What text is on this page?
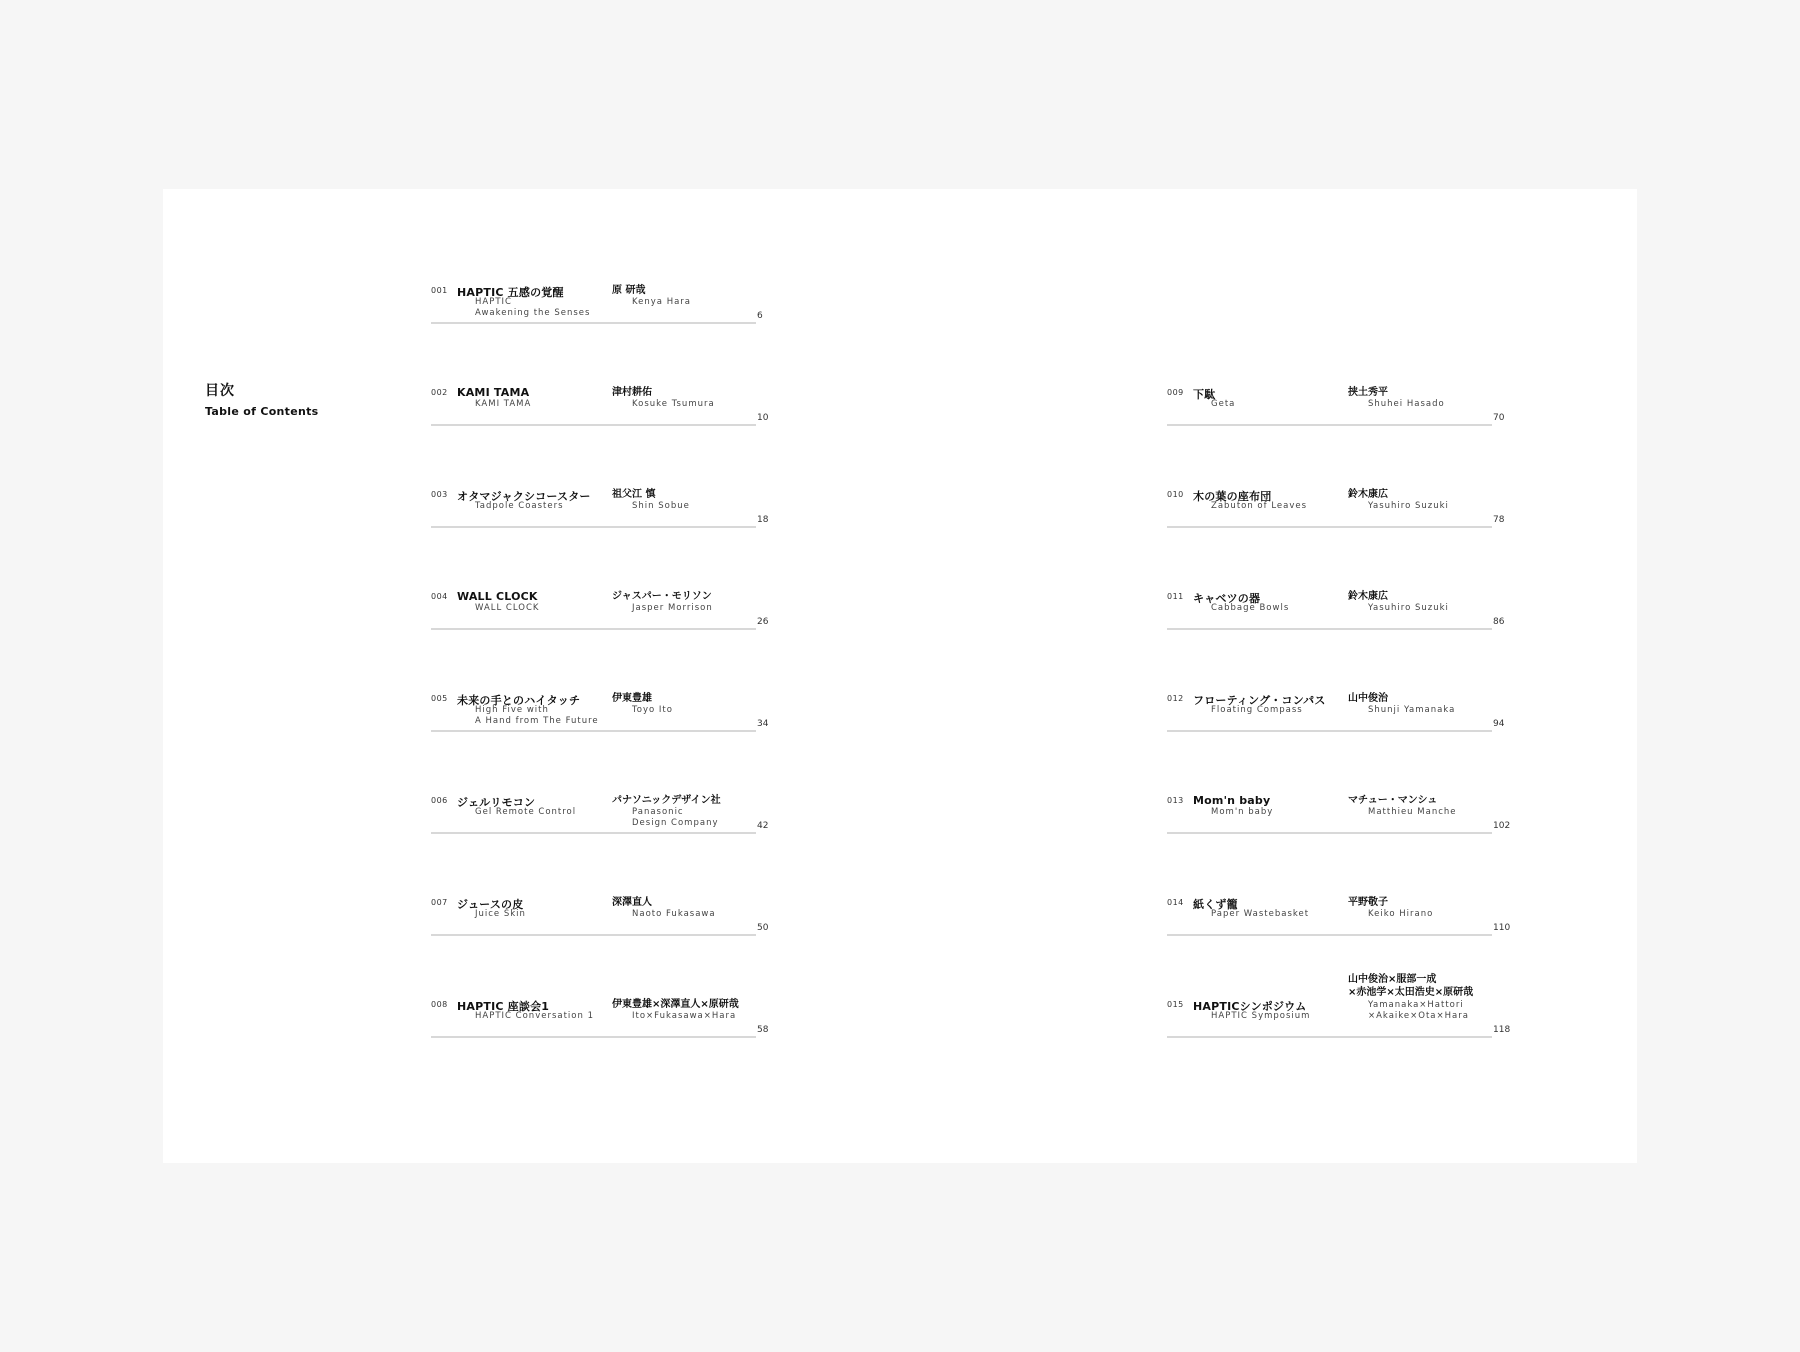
目次
Table of Contents
001 HAPTIC 五感の覚醒
HAPTIC
Awakening the Senses
原 研哉
Kenya Hara
6
002 KAMI TAMA
KAMI TAMA
津村耕佑
Kosuke Tsumura
10
003 オタマジャクシコースター
Tadpole Coasters
祖父江 慎
Shin Sobue
18
004 WALL CLOCK
WALL CLOCK
ジャスパー・モリソン
Jasper Morrison
26
005 未来の手とのハイタッチ
High Five with
A Hand from The Future
伊東豊雄
Toyo Ito
34
006 ジェルリモコン
Gel Remote Control
パナソニックデザイン社
Panasonic
Design Company	42
007 ジュースの皮
Juice Skin
深澤直人
Naoto Fukasawa
50
008 HAPTIC 座談会1
HAPTIC Conversation 1
伊東豊雄×深澤直人×原研哉
Ito×Fukasawa×Hara
58
009 下駄
Geta
挟土秀平
Shuhei Hasado
70
010 木の葉の座布団
Zabuton of Leaves
鈴木康広
Yasuhiro Suzuki
78
011 キャベツの器
Cabbage Bowls
鈴木康広
Yasuhiro Suzuki
86
012 フローティング・コンパス
Floating Compass
山中俊治
Shunji Yamanaka
94
013 Mom'n baby
Mom'n baby
マチュー・マンシュ
Matthieu Manche
102
014 紙くず籠
Paper Wastebasket
平野敬子
Keiko Hirano
110
015 HAPTICシンポジウム
HAPTIC Symposium
山中俊治×服部一成
×赤池学×太田浩史×原研哉
Yamanaka×Hattori
×Akaike×Ota×Hara
118
